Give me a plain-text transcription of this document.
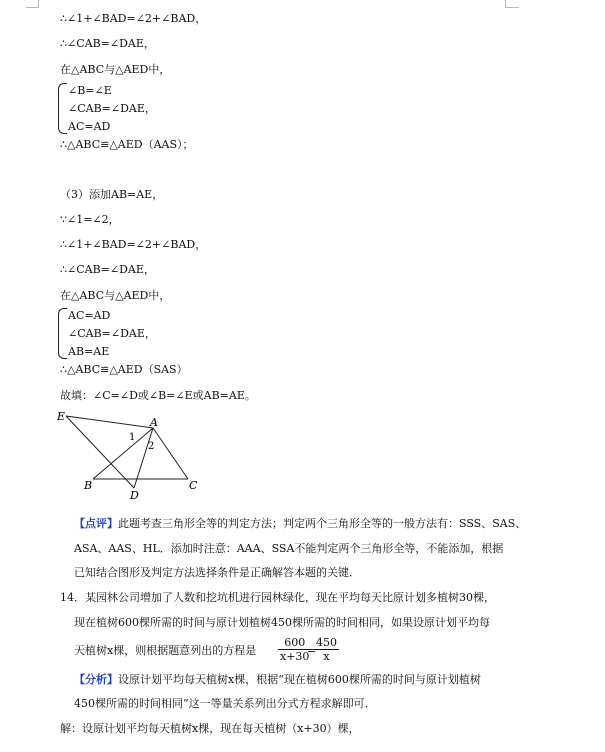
∴∠1+∠BAD=∠2+∠BAD，
∴∠CAB=∠DAE，
在△ABC与△AED中，
∠B=∠E
∠CAB=∠DAE，
AC=AD
∴△ABC≌△AED（AAS）；
（3）添加AB=AE，
∵∠1=∠2，
∴∠1+∠BAD=∠2+∠BAD，
∴∠CAB=∠DAE，
在△ABC与△AED中，
AC=AD
∠CAB=∠DAE，
AB=AE
∴△ABC≌△AED（SAS）
故填：∠C=∠D或∠B=∠E或AB=AE。
E	A
B
D
C
1
2
【点评】此题考查三角形全等的判定方法；判定两个三角形全等的一般方法有：SSS、SAS、
ASA、AAS、HL．添加时注意：AAA、SSA不能判定两个三角形全等，不能添加，根据
已知结合图形及判定方法选择条件是正确解答本题的关键．
14．某园林公司增加了人数和挖坑机进行园林绿化，现在平均每天比原计划多植树30棵，
现在植树600棵所需的时间与原计划植树450棵所需的时间相同，如果设原计划平均每
天植树x棵，则根据题意列出的方程是 $\frac{600}{x+30}$
=
$\frac{450}{x}$
【分析】设原计划平均每天植树x棵，根据“现在植树600棵所需的时间与原计划植树
450棵所需的时间相同”这一等量关系列出分式方程求解即可．
解：设原计划平均每天植树x棵，现在每天植树（x+30）棵，
